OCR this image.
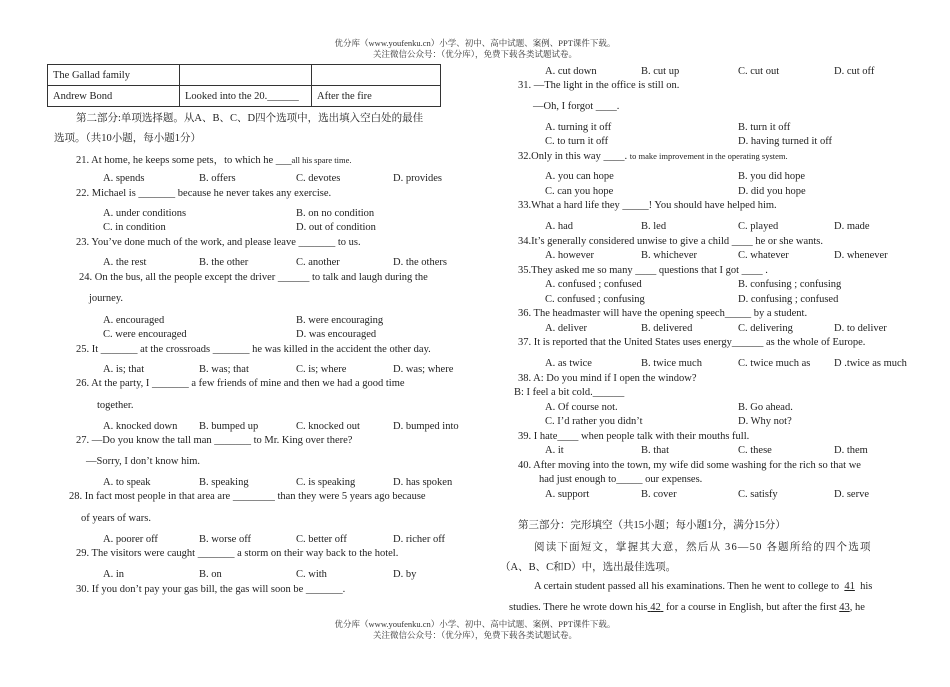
优分库（www.youfenku.cn）小学、初中、高中试题、案例、PPT课件下载。
关注微信公众号：（优分库），免费下载各类试题试卷。
The Gallad family		
Andrew Bond	Looked into the 20.______	After the fire
第二部分:单项选择题。从A、B、C、D四个选项中，选出填入空白处的最佳
选项。（共10小题，每小题1分）
21. At home, he keeps some pets，to which he ___all his spare time.
A. spends	B. offers	C. devotes	D. provides
22. Michael is _______ because he never takes any exercise.
A. under conditions	B. on no condition
C. in condition	D. out of condition
23. You’ve done much of the work, and please leave _______ to us.
A. the rest	B. the other	C. another	D. the others
24. On the bus, all the people except the driver ______ to talk and laugh during the
journey.
A. encouraged	B. were encouraging
C. were encouraged	D. was encouraged
25. It _______ at the crossroads _______ he was killed in the accident the other day.
A. is; that	B. was; that	C. is; where	D. was; where
26. At the party, I _______ a few friends of mine and then we had a good time
together.
A. knocked down B. bumped up	C. knocked out	D. bumped into
27. —Do you know the tall man _______ to Mr. King over there?
—Sorry, I don’t know him.
A. to speak	B. speaking	C. is speaking	D. has spoken
28. In fact most people in that area are ________ than they were 5 years ago because
of years of wars.
A. poorer off	B. worse off	C. better off	D. richer off
29. The visitors were caught _______ a storm on their way back to the hotel.
A. in	B. on	C. with	D. by
30. If you don’t pay your gas bill, the gas will soon be _______.
A. cut down	B. cut up	C. cut out	D. cut off
31. —The light in the office is still on.
—Oh, I forgot ____.
A. turning it off	B. turn it off
C. to turn it off	D. having turned it off
32.Only in this way ____. to make improvement in the operating system.
A. you can hope	B. you did hope
C. can you hope	D. did you hope
33.What a hard life they _____! You should have helped him.
A. had	B. led	C. played	D. made
34.It’s generally considered unwise to give a child ____ he or she wants.
A. however	B. whichever	C. whatever	D. whenever
35.They asked me so many ____ questions that I got ____ .
A. confused ; confused	B. confusing ; confusing
C. confused ; confusing	D. confusing ; confused
36. The headmaster will have the opening speech_____ by a student.
A. deliver	B. delivered	C. delivering	D. to deliver
37. It is reported that the United States uses energy______ as the whole of Europe.
A. as twice	B. twice much	C. twice much as D .twice as much
38. A: Do you mind if I open the window?
B: I feel a bit cold.______
A. Of course not.	B. Go ahead.
C. I’d rather you didn’t	D. Why not?
39. I hate____ when people talk with their mouths full.
A. it	B. that	C. these	D. them
40. After moving into the town, my wife did some washing for the rich so that we
had just enough to_____ our expenses.
A. support	B. cover	C. satisfy	D. serve
第三部分：完形填空（共15小题；每小题1分，满分15分）
阅读下面短文，掌握其大意，然后从 36—50 各题所给的四个选项
（A、B、C和D）中，选出最佳选项。
A certain student passed all his examinations. Then he went to college to 41 his
studies. There he wrote down his 42 for a course in English, but after the first 43, he
优分库（www.youfenku.cn）小学、初中、高中试题、案例、PPT课件下载。
关注微信公众号：（优分库），免费下载各类试题试卷。
